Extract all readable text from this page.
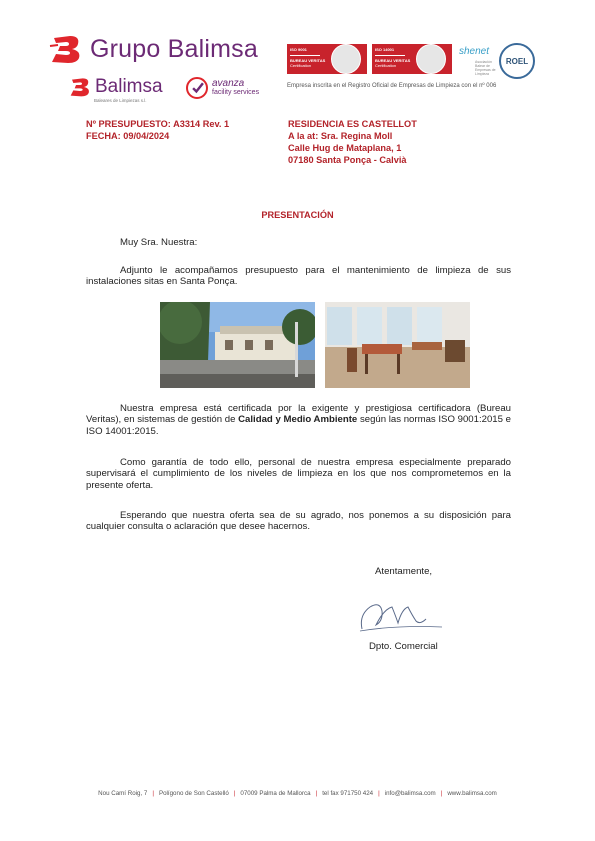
Grupo Balimsa
Balimsa
Baleares de Limpiezas s.l.
avanza
facility services
ISO 9001
BUREAU VERITAS
Certification
ISO 14001
BUREAU VERITAS
Certification
shenet
Asociación Balear de Empresas de Limpieza
ROEL
Empresa inscrita en el Registro Oficial de Empresas de Limpieza con el nº 006
Nº PRESUPUESTO: A3314 Rev. 1
FECHA: 09/04/2024
RESIDENCIA ES CASTELLOT
A la at: Sra. Regina Moll
Calle Hug de Mataplana, 1
07180 Santa Ponça - Calvià
PRESENTACIÓN
Muy Sra. Nuestra:
Adjunto le acompañamos presupuesto para el mantenimiento de limpieza de sus instalaciones sitas en Santa Ponça.
Nuestra empresa está certificada por la exigente y prestigiosa certificadora (Bureau Veritas), en sistemas de gestión de Calidad y Medio Ambiente según las normas ISO 9001:2015 e ISO 14001:2015.
Como garantía de todo ello, personal de nuestra empresa especialmente preparado supervisará el cumplimiento de los niveles de limpieza en los que nos comprometemos en la presente oferta.
Esperando que nuestra oferta sea de su agrado, nos ponemos a su disposición para cualquier consulta o aclaración que desee hacernos.
Atentamente,
Dpto. Comercial
Nou Camí Roig, 7 | Polígono de Son Castelló | 07009 Palma de Mallorca | tel fax 971750 424 | info@balimsa.com | www.balimsa.com
